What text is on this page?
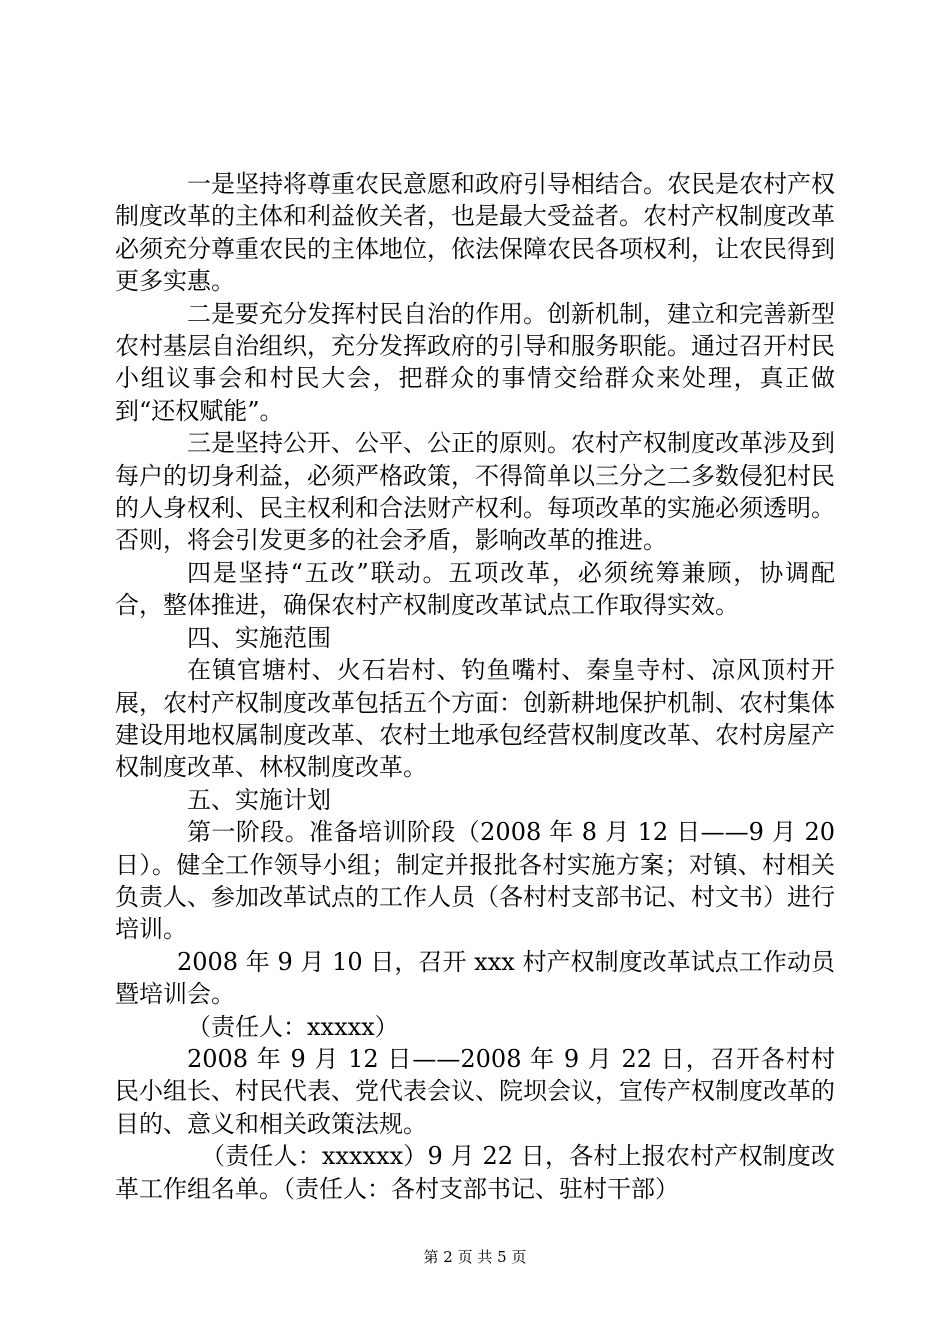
一是坚持将尊重农民意愿和政府引导相结合。农民是农村产权制度改革的主体和利益攸关者，也是最大受益者。农村产权制度改革必须充分尊重农民的主体地位，依法保障农民各项权利，让农民得到更多实惠。

二是要充分发挥村民自治的作用。创新机制，建立和完善新型农村基层自治组织，充分发挥政府的引导和服务职能。通过召开村民小组议事会和村民大会，把群众的事情交给群众来处理，真正做到“还权赋能”。

三是坚持公开、公平、公正的原则。农村产权制度改革涉及到每户的切身利益，必须严格政策，不得简单以三分之二多数侵犯村民的人身权利、民主权利和合法财产权利。每项改革的实施必须透明。否则，将会引发更多的社会矛盾，影响改革的推进。

四是坚持“五改”联动。五项改革，必须统筹兼顾，协调配合，整体推进，确保农村产权制度改革试点工作取得实效。

四、实施范围

在镇官塘村、火石岩村、钓鱼嘴村、秦皇寺村、凉风顶村开展，农村产权制度改革包括五个方面：创新耕地保护机制、农村集体建设用地权属制度改革、农村土地承包经营权制度改革、农村房屋产权制度改革、林权制度改革。

五、实施计划

第一阶段。准备培训阶段（2008 年 8 月 12 日——9 月 20 日）。健全工作领导小组；制定并报批各村实施方案；对镇、村相关负责人、参加改革试点的工作人员（各村村支部书记、村文书）进行培训。

2008 年 9 月 10 日，召开 xxx 村产权制度改革试点工作动员暨培训会。

（责任人：xxxxx）

2008 年 9 月 12 日——2008 年 9 月 22 日，召开各村村民小组长、村民代表、党代表会议、院坝会议，宣传产权制度改革的目的、意义和相关政策法规。

（责任人：xxxxxx）9 月 22 日，各村上报农村产权制度改革工作组名单。（责任人：各村支部书记、驻村干部）

第 2 页 共 5 页
